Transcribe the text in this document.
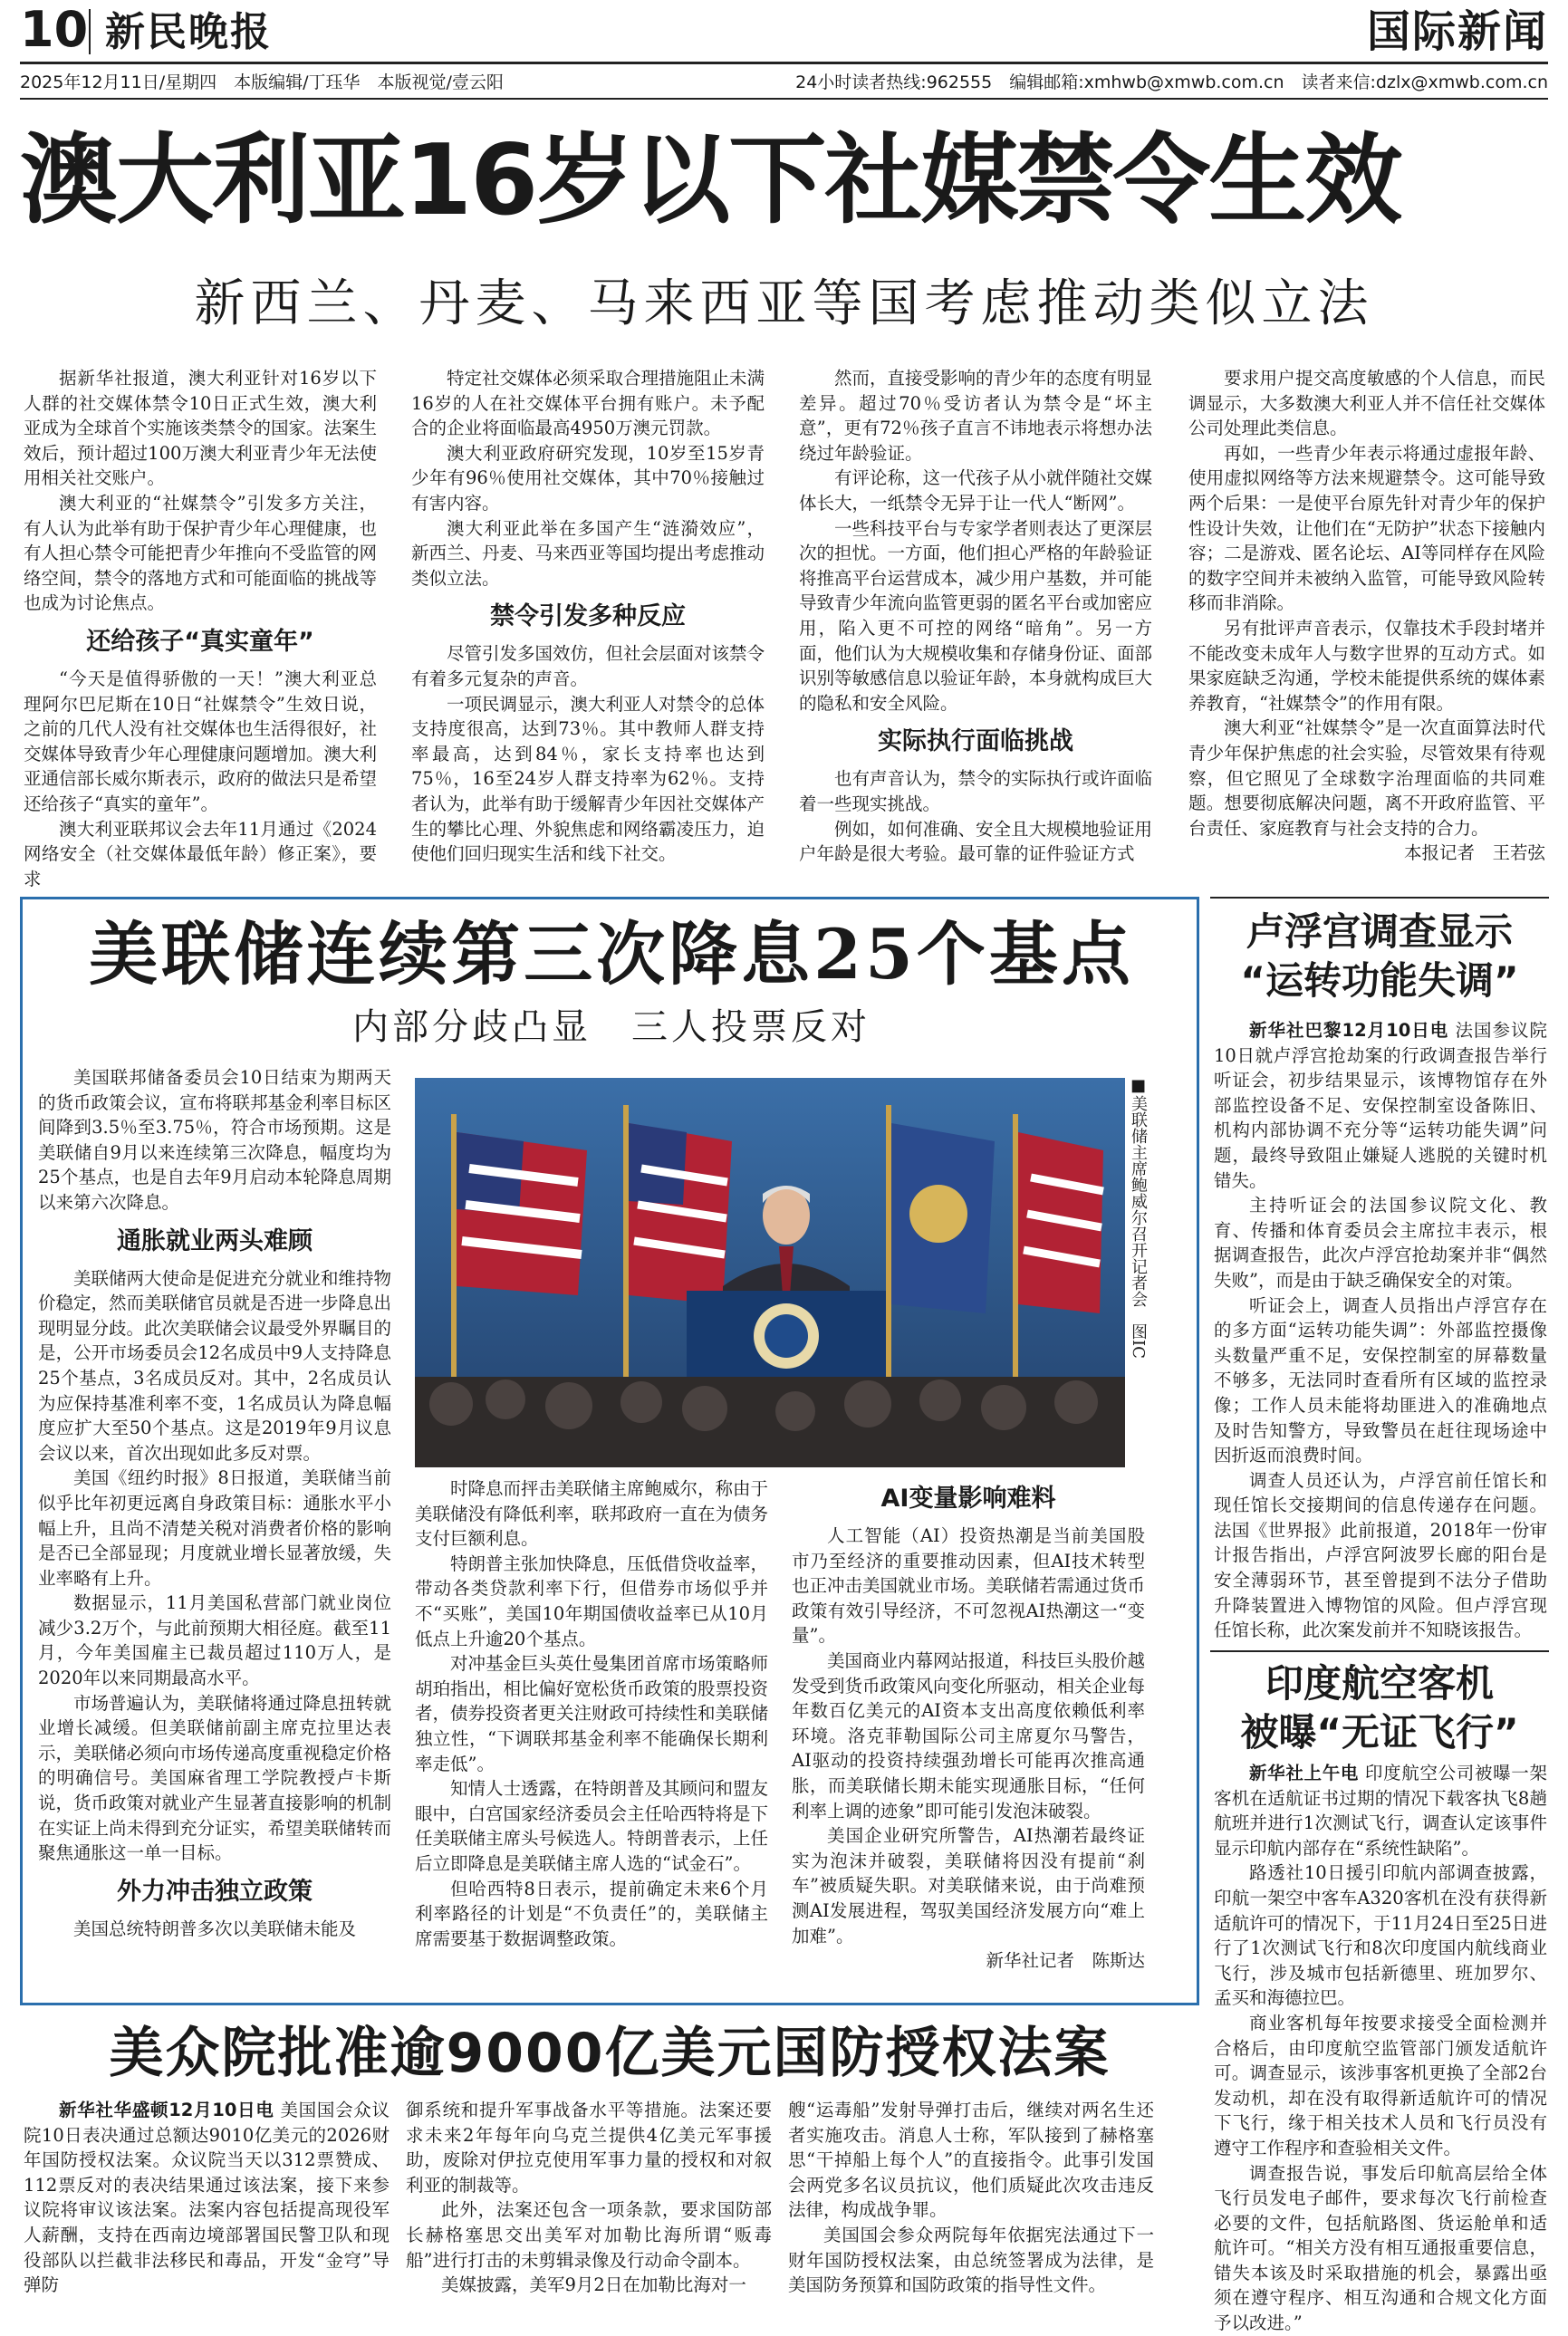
10 新民晚报	国际新闻
2025年12月11日/星期四　本版编辑/丁珏华　本版视觉/壹云阳	24小时读者热线:962555　编辑邮箱:xmhwb@xmwb.com.cn　读者来信:dzlx@xmwb.com.cn
澳大利亚16岁以下社媒禁令生效
新西兰、丹麦、马来西亚等国考虑推动类似立法

据新华社报道，澳大利亚针对16岁以下人群的社交媒体禁令10日正式生效，澳大利亚成为全球首个实施该类禁令的国家。法案生效后，预计超过100万澳大利亚青少年无法使用相关社交账户。

澳大利亚的“社媒禁令”引发多方关注，有人认为此举有助于保护青少年心理健康，也有人担心禁令可能把青少年推向不受监管的网络空间，禁令的落地方式和可能面临的挑战等也成为讨论焦点。

还给孩子“真实童年”

“今天是值得骄傲的一天！”澳大利亚总理阿尔巴尼斯在10日“社媒禁令”生效日说，之前的几代人没有社交媒体也生活得很好，社交媒体导致青少年心理健康问题增加。澳大利亚通信部长威尔斯表示，政府的做法只是希望还给孩子“真实的童年”。

澳大利亚联邦议会去年11月通过《2024网络安全（社交媒体最低年龄）修正案》，要求

特定社交媒体必须采取合理措施阻止未满16岁的人在社交媒体平台拥有账户。未予配合的企业将面临最高4950万澳元罚款。

澳大利亚政府研究发现，10岁至15岁青少年有96％使用社交媒体，其中70％接触过有害内容。

澳大利亚此举在多国产生“涟漪效应”，新西兰、丹麦、马来西亚等国均提出考虑推动类似立法。

禁令引发多种反应

尽管引发多国效仿，但社会层面对该禁令有着多元复杂的声音。

一项民调显示，澳大利亚人对禁令的总体支持度很高，达到73％。其中教师人群支持率最高，达到84％，家长支持率也达到75％，16至24岁人群支持率为62％。支持者认为，此举有助于缓解青少年因社交媒体产生的攀比心理、外貌焦虑和网络霸凌压力，迫使他们回归现实生活和线下社交。

然而，直接受影响的青少年的态度有明显差异。超过70％受访者认为禁令是“坏主意”，更有72％孩子直言不讳地表示将想办法绕过年龄验证。

有评论称，这一代孩子从小就伴随社交媒体长大，一纸禁令无异于让一代人“断网”。

一些科技平台与专家学者则表达了更深层次的担忧。一方面，他们担心严格的年龄验证将推高平台运营成本，减少用户基数，并可能导致青少年流向监管更弱的匿名平台或加密应用，陷入更不可控的网络“暗角”。另一方面，他们认为大规模收集和存储身份证、面部识别等敏感信息以验证年龄，本身就构成巨大的隐私和安全风险。

实际执行面临挑战

也有声音认为，禁令的实际执行或许面临着一些现实挑战。

例如，如何准确、安全且大规模地验证用户年龄是很大考验。最可靠的证件验证方式

要求用户提交高度敏感的个人信息，而民调显示，大多数澳大利亚人并不信任社交媒体公司处理此类信息。

再如，一些青少年表示将通过虚报年龄、使用虚拟网络等方法来规避禁令。这可能导致两个后果：一是使平台原先针对青少年的保护性设计失效，让他们在“无防护”状态下接触内容；二是游戏、匿名论坛、AI等同样存在风险的数字空间并未被纳入监管，可能导致风险转移而非消除。

另有批评声音表示，仅靠技术手段封堵并不能改变未成年人与数字世界的互动方式。如果家庭缺乏沟通，学校未能提供系统的媒体素养教育，“社媒禁令”的作用有限。

澳大利亚“社媒禁令”是一次直面算法时代青少年保护焦虑的社会实验，尽管效果有待观察，但它照见了全球数字治理面临的共同难题。想要彻底解决问题，离不开政府监管、平台责任、家庭教育与社会支持的合力。

本报记者　王若弦
美联储连续第三次降息25个基点
内部分歧凸显　三人投票反对
■美联储主席鲍威尔召开记者会　图IC

美国联邦储备委员会10日结束为期两天的货币政策会议，宣布将联邦基金利率目标区间降到3.5％至3.75％，符合市场预期。这是美联储自9月以来连续第三次降息，幅度均为25个基点，也是自去年9月启动本轮降息周期以来第六次降息。

通胀就业两头难顾

美联储两大使命是促进充分就业和维持物价稳定，然而美联储官员就是否进一步降息出现明显分歧。此次美联储会议最受外界瞩目的是，公开市场委员会12名成员中9人支持降息25个基点，3名成员反对。其中，2名成员认为应保持基准利率不变，1名成员认为降息幅度应扩大至50个基点。这是2019年9月议息会议以来，首次出现如此多反对票。

美国《纽约时报》8日报道，美联储当前似乎比年初更远离自身政策目标：通胀水平小幅上升，且尚不清楚关税对消费者价格的影响是否已全部显现；月度就业增长显著放缓，失业率略有上升。

数据显示，11月美国私营部门就业岗位减少3.2万个，与此前预期大相径庭。截至11月，今年美国雇主已裁员超过110万人，是2020年以来同期最高水平。

市场普遍认为，美联储将通过降息扭转就业增长减缓。但美联储前副主席克拉里达表示，美联储必须向市场传递高度重视稳定价格的明确信号。美国麻省理工学院教授卢卡斯说，货币政策对就业产生显著直接影响的机制在实证上尚未得到充分证实，希望美联储转而聚焦通胀这一单一目标。

外力冲击独立政策

美国总统特朗普多次以美联储未能及

时降息而抨击美联储主席鲍威尔，称由于美联储没有降低利率，联邦政府一直在为债务支付巨额利息。

特朗普主张加快降息，压低借贷收益率，带动各类贷款利率下行，但借券市场似乎并不“买账”，美国10年期国债收益率已从10月低点上升逾20个基点。

对冲基金巨头英仕曼集团首席市场策略师胡珀指出，相比偏好宽松货币政策的股票投资者，债券投资者更关注财政可持续性和美联储独立性，“下调联邦基金利率不能确保长期利率走低”。

知情人士透露，在特朗普及其顾问和盟友眼中，白宫国家经济委员会主任哈西特将是下任美联储主席头号候选人。特朗普表示，上任后立即降息是美联储主席人选的“试金石”。

但哈西特8日表示，提前确定未来6个月利率路径的计划是“不负责任”的，美联储主席需要基于数据调整政策。

AI变量影响难料

人工智能（AI）投资热潮是当前美国股市乃至经济的重要推动因素，但AI技术转型也正冲击美国就业市场。美联储若需通过货币政策有效引导经济，不可忽视AI热潮这一“变量”。

美国商业内幕网站报道，科技巨头股价越发受到货币政策风向变化所驱动，相关企业每年数百亿美元的AI资本支出高度依赖低利率环境。洛克菲勒国际公司主席夏尔马警告，AI驱动的投资持续强劲增长可能再次推高通胀，而美联储长期未能实现通胀目标，“任何利率上调的迹象”即可能引发泡沫破裂。

美国企业研究所警告，AI热潮若最终证实为泡沫并破裂，美联储将因没有提前“刹车”被质疑失职。对美联储来说，由于尚难预测AI发展进程，驾驭美国经济发展方向“难上加难”。

新华社记者　陈斯达
卢浮宫调查显示
“运转功能失调”

新华社巴黎12月10日电 法国参议院10日就卢浮宫抢劫案的行政调查报告举行听证会，初步结果显示，该博物馆存在外部监控设备不足、安保控制室设备陈旧、机构内部协调不充分等“运转功能失调”问题，最终导致阻止嫌疑人逃脱的关键时机错失。

主持听证会的法国参议院文化、教育、传播和体育委员会主席拉丰表示，根据调查报告，此次卢浮宫抢劫案并非“偶然失败”，而是由于缺乏确保安全的对策。

听证会上，调查人员指出卢浮宫存在的多方面“运转功能失调”：外部监控摄像头数量严重不足，安保控制室的屏幕数量不够多，无法同时查看所有区域的监控录像；工作人员未能将劫匪进入的准确地点及时告知警方，导致警员在赶往现场途中因折返而浪费时间。

调查人员还认为，卢浮宫前任馆长和现任馆长交接期间的信息传递存在问题。法国《世界报》此前报道，2018年一份审计报告指出，卢浮宫阿波罗长廊的阳台是安全薄弱环节，甚至曾提到不法分子借助升降装置进入博物馆的风险。但卢浮宫现任馆长称，此次案发前并不知晓该报告。

印度航空客机
被曝“无证飞行”

新华社上午电 印度航空公司被曝一架客机在适航证书过期的情况下载客执飞8趟航班并进行1次测试飞行，调查认定该事件显示印航内部存在“系统性缺陷”。

路透社10日援引印航内部调查披露，印航一架空中客车A320客机在没有获得新适航许可的情况下，于11月24日至25日进行了1次测试飞行和8次印度国内航线商业飞行，涉及城市包括新德里、班加罗尔、孟买和海德拉巴。

商业客机每年按要求接受全面检测并合格后，由印度航空监管部门颁发适航许可。调查显示，该涉事客机更换了全部2台发动机，却在没有取得新适航许可的情况下飞行，缘于相关技术人员和飞行员没有遵守工作程序和查验相关文件。

调查报告说，事发后印航高层给全体飞行员发电子邮件，要求每次飞行前检查必要的文件，包括航路图、货运舱单和适航许可。“相关方没有相互通报重要信息，错失本该及时采取措施的机会，暴露出亟须在遵守程序、相互沟通和合规文化方面予以改进。”

美众院批准逾9000亿美元国防授权法案

新华社华盛顿12月10日电 美国国会众议院10日表决通过总额达9010亿美元的2026财年国防授权法案。众议院当天以312票赞成、112票反对的表决结果通过该法案，接下来参议院将审议该法案。法案内容包括提高现役军人薪酬，支持在西南边境部署国民警卫队和现役部队以拦截非法移民和毒品，开发“金穹”导弹防

御系统和提升军事战备水平等措施。法案还要求未来2年每年向乌克兰提供4亿美元军事援助，废除对伊拉克使用军事力量的授权和对叙利亚的制裁等。

此外，法案还包含一项条款，要求国防部长赫格塞思交出美军对加勒比海所谓“贩毒船”进行打击的未剪辑录像及行动命令副本。

美媒披露，美军9月2日在加勒比海对一

艘“运毒船”发射导弹打击后，继续对两名生还者实施攻击。消息人士称，军队接到了赫格塞思“干掉船上每个人”的直接指令。此事引发国会两党多名议员抗议，他们质疑此次攻击违反法律，构成战争罪。

美国国会参众两院每年依据宪法通过下一财年国防授权法案，由总统签署成为法律，是美国防务预算和国防政策的指导性文件。
